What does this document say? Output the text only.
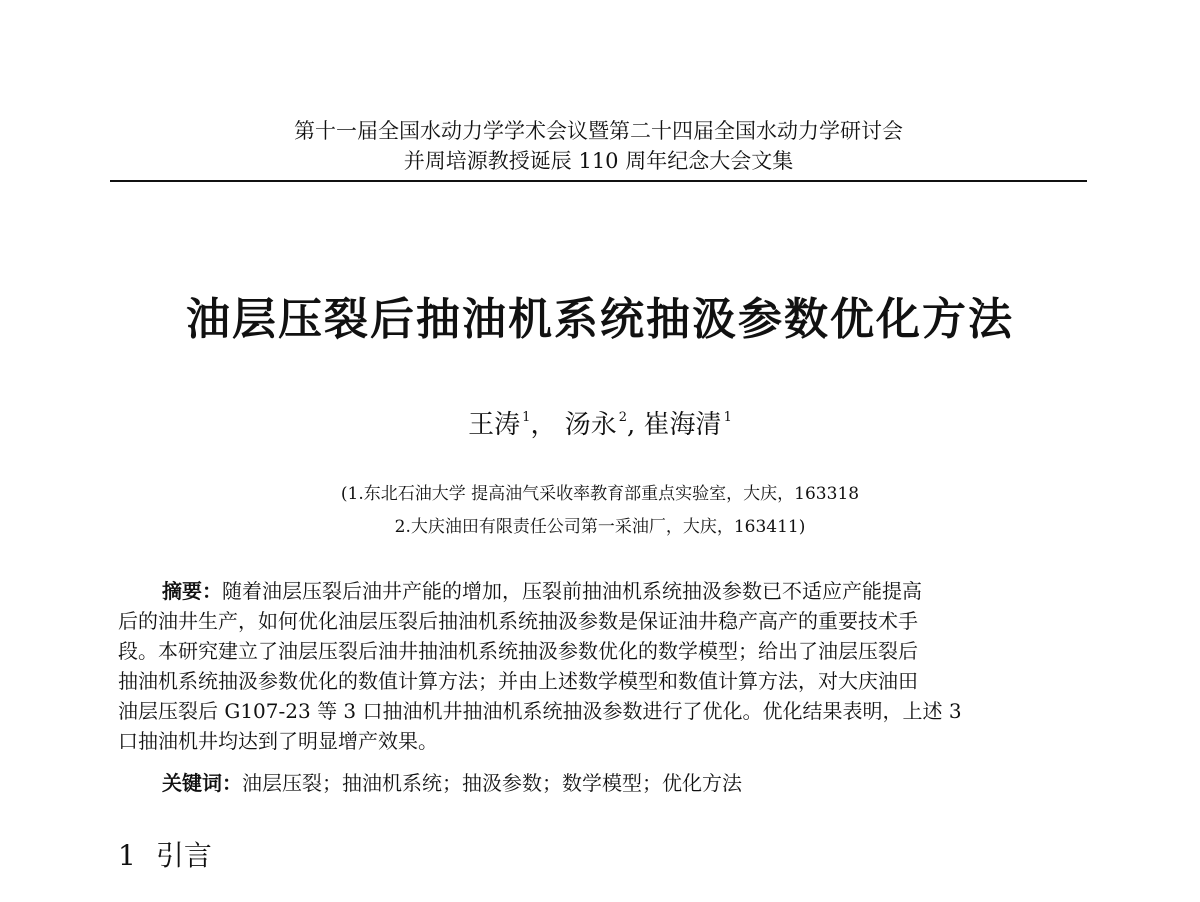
第十一届全国水动力学学术会议暨第二十四届全国水动力学研讨会
并周培源教授诞辰 110 周年纪念大会文集
油层压裂后抽油机系统抽汲参数优化方法
王涛 $^1$， 汤永 $^2$, 崔海清 $^1$
(1.东北石油大学 提高油气采收率教育部重点实验室，大庆，163318
2.大庆油田有限责任公司第一采油厂，大庆，163411)
摘要：随着油层压裂后油井产能的增加，压裂前抽油机系统抽汲参数已不适应产能提高
后的油井生产，如何优化油层压裂后抽油机系统抽汲参数是保证油井稳产高产的重要技术手
段。本研究建立了油层压裂后油井抽油机系统抽汲参数优化的数学模型；给出了油层压裂后
抽油机系统抽汲参数优化的数值计算方法；并由上述数学模型和数值计算方法，对大庆油田
油层压裂后 G107-23 等 3 口抽油机井抽油机系统抽汲参数进行了优化。优化结果表明，上述 3
口抽油机井均达到了明显增产效果。
关键词：油层压裂；抽油机系统；抽汲参数；数学模型；优化方法
1 引言
